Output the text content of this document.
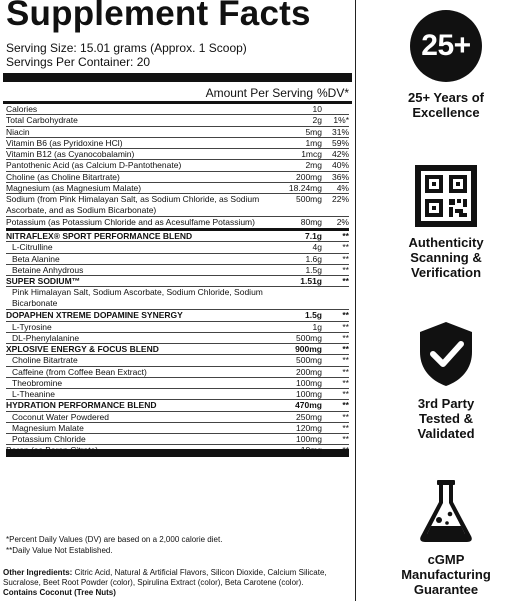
Supplement Facts
Serving Size: 15.01 grams (Approx. 1 Scoop)
Servings Per Container: 20
Amount Per Serving %DV*
Calories	10
Total Carbohydrate	2g 1%*
Niacin	5mg 31%
Vitamin B6 (as Pyridoxine HCl)	1mg 59%
Vitamin B12 (as Cyanocobalamin)	1mcg 42%
Pantothenic Acid (as Calcium D-Pantothenate)	2mg 40%
Choline (as Choline Bitartrate)	200mg 36%
Magnesium (as Magnesium Malate)	18.24mg 4%
Sodium (from Pink Himalayan Salt, as Sodium Chloride, as Sodium Ascorbate, and as Sodium Bicarbonate)
500mg 22%
Potassium (as Potassium Chloride and as Acesulfame Potassium)	80mg 2%
NITRAFLEX® SPORT PERFORMANCE BLEND	7.1g **
L-Citrulline	4g **
Beta Alanine	1.6g **
Betaine Anhydrous	1.5g **
SUPER SODIUM™	1.51g **
Pink Himalayan Salt, Sodium Ascorbate, Sodium Chloride, Sodium Bicarbonate
DOPAPHEN XTREME DOPAMINE SYNERGY	1.5g **
L-Tyrosine	1g **
DL-Phenylalanine	500mg **
XPLOSIVE ENERGY & FOCUS BLEND	900mg **
Choline Bitartrate	500mg **
Caffeine (from Coffee Bean Extract)	200mg **
Theobromine	100mg **
L-Theanine	100mg **
HYDRATION PERFORMANCE BLEND	470mg **
Coconut Water Powdered	250mg **
Magnesium Malate	120mg **
Potassium Chloride	100mg **
Boron (as Boron Citrate)	10mg **
*Percent Daily Values (DV) are based on a 2,000 calorie diet.
**Daily Value Not Established.
Other Ingredients: Citric Acid, Natural & Artificial Flavors, Silicon Dioxide, Calcium Silicate, Sucralose, Beet Root Powder (color), Spirulina Extract (color), Beta Carotene (color).
Contains Coconut (Tree Nuts)
25+
25+ Years of
Excellence
Authenticity
Scanning &
Verification
3rd Party
Tested &
Validated
cGMP
Manufacturing
Guarantee
